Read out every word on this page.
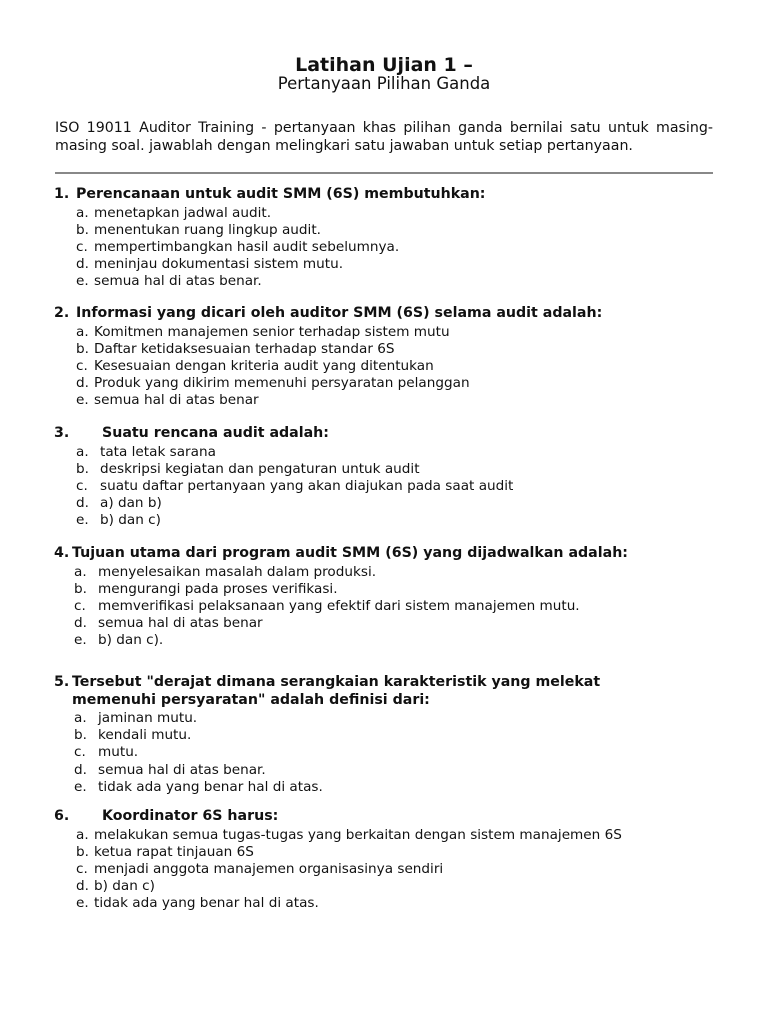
Latihan Ujian 1 –
Pertanyaan Pilihan Ganda
ISO 19011 Auditor Training - pertanyaan khas pilihan ganda bernilai satu untuk masing-masing soal. jawablah dengan melingkari satu jawaban untuk setiap pertanyaan.
1. Perencanaan untuk audit SMM (6S) membutuhkan:
a. menetapkan jadwal audit.
b. menentukan ruang lingkup audit.
c. mempertimbangkan hasil audit sebelumnya.
d. meninjau dokumentasi sistem mutu.
e. semua hal di atas benar.
2. Informasi yang dicari oleh auditor SMM (6S) selama audit adalah:
a. Komitmen manajemen senior terhadap sistem mutu
b. Daftar ketidaksesuaian terhadap standar 6S
c. Kesesuaian dengan kriteria audit yang ditentukan
d. Produk yang dikirim memenuhi persyaratan pelanggan
e. semua hal di atas benar
3. Suatu rencana audit adalah:
a. tata letak sarana
b. deskripsi kegiatan dan pengaturan untuk audit
c. suatu daftar pertanyaan yang akan diajukan pada saat audit
d. a) dan b)
e. b) dan c)
4. Tujuan utama dari program audit SMM (6S) yang dijadwalkan adalah:
a. menyelesaikan masalah dalam produksi.
b. mengurangi pada proses verifikasi.
c. memverifikasi pelaksanaan yang efektif dari sistem manajemen mutu.
d. semua hal di atas benar
e. b) dan c).
5. Tersebut "derajat dimana serangkaian karakteristik yang melekat
memenuhi persyaratan" adalah definisi dari:
a. jaminan mutu.
b. kendali mutu.
c. mutu.
d. semua hal di atas benar.
e. tidak ada yang benar hal di atas.
6. Koordinator 6S harus:
a. melakukan semua tugas-tugas yang berkaitan dengan sistem manajemen 6S
b. ketua rapat tinjauan 6S
c. menjadi anggota manajemen organisasinya sendiri
d. b) dan c)
e. tidak ada yang benar hal di atas.
